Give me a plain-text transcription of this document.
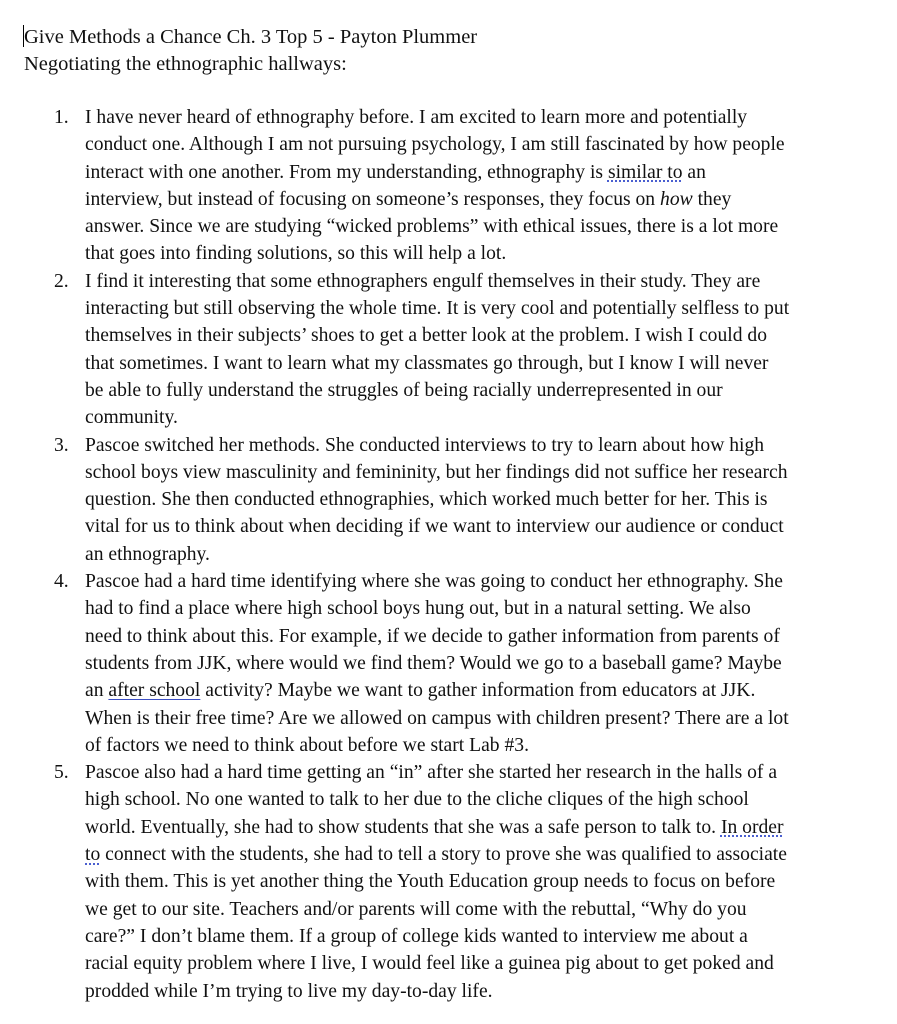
Give Methods a Chance Ch. 3 Top 5 - Payton Plummer
Negotiating the ethnographic hallways:
1. I have never heard of ethnography before. I am excited to learn more and potentially
conduct one. Although I am not pursuing psychology, I am still fascinated by how people
interact with one another. From my understanding, ethnography is similar to an
interview, but instead of focusing on someone’s responses, they focus on how they
answer. Since we are studying “wicked problems” with ethical issues, there is a lot more
that goes into finding solutions, so this will help a lot.
2. I find it interesting that some ethnographers engulf themselves in their study. They are
interacting but still observing the whole time. It is very cool and potentially selfless to put
themselves in their subjects’ shoes to get a better look at the problem. I wish I could do
that sometimes. I want to learn what my classmates go through, but I know I will never
be able to fully understand the struggles of being racially underrepresented in our
community.
3. Pascoe switched her methods. She conducted interviews to try to learn about how high
school boys view masculinity and femininity, but her findings did not suffice her research
question. She then conducted ethnographies, which worked much better for her. This is
vital for us to think about when deciding if we want to interview our audience or conduct
an ethnography.
4. Pascoe had a hard time identifying where she was going to conduct her ethnography. She
had to find a place where high school boys hung out, but in a natural setting. We also
need to think about this. For example, if we decide to gather information from parents of
students from JJK, where would we find them? Would we go to a baseball game? Maybe
an after school activity? Maybe we want to gather information from educators at JJK.
When is their free time? Are we allowed on campus with children present? There are a lot
of factors we need to think about before we start Lab #3.
5. Pascoe also had a hard time getting an “in” after she started her research in the halls of a
high school. No one wanted to talk to her due to the cliche cliques of the high school
world. Eventually, she had to show students that she was a safe person to talk to. In order
to connect with the students, she had to tell a story to prove she was qualified to associate
with them. This is yet another thing the Youth Education group needs to focus on before
we get to our site. Teachers and/or parents will come with the rebuttal, “Why do you
care?” I don’t blame them. If a group of college kids wanted to interview me about a
racial equity problem where I live, I would feel like a guinea pig about to get poked and
prodded while I’m trying to live my day-to-day life.
